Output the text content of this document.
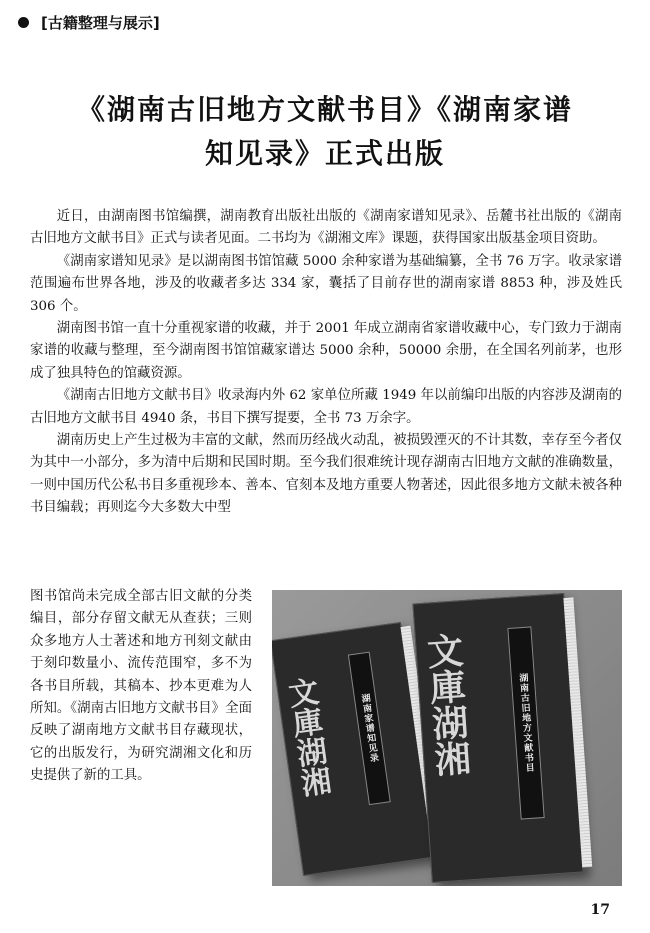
[古籍整理与展示]
《湖南古旧地方文献书目》《湖南家谱
知见录》正式出版

近日，由湖南图书馆编撰，湖南教育出版社出版的《湖南家谱知见录》、岳麓书社出版的《湖南古旧地方文献书目》正式与读者见面。二书均为《湖湘文库》课题，获得国家出版基金项目资助。

《湖南家谱知见录》是以湖南图书馆馆藏 5000 余种家谱为基础编纂，全书 76 万字。收录家谱范围遍布世界各地，涉及的收藏者多达 334 家，囊括了目前存世的湖南家谱 8853 种，涉及姓氏 306 个。

湖南图书馆一直十分重视家谱的收藏，并于 2001 年成立湖南省家谱收藏中心，专门致力于湖南家谱的收藏与整理，至今湖南图书馆馆藏家谱达 5000 余种，50000 余册，在全国名列前茅，也形成了独具特色的馆藏资源。

《湖南古旧地方文献书目》收录海内外 62 家单位所藏 1949 年以前编印出版的内容涉及湖南的古旧地方文献书目 4940 条，书目下撰写提要，全书 73 万余字。

湖南历史上产生过极为丰富的文献，然而历经战火动乱，被损毁湮灭的不计其数，幸存至今者仅为其中一小部分，多为清中后期和民国时期。至今我们很难统计现存湖南古旧地方文献的准确数量，一则中国历代公私书目多重视珍本、善本、官刻本及地方重要人物著述，因此很多地方文献未被各种书目编载；再则迄今大多数大中型

图书馆尚未完成全部古旧文献的分类编目，部分存留文献无从查获；三则众多地方人士著述和地方刊刻文献由于刻印数量小、流传范围窄，多不为各书目所载，其稿本、抄本更难为人所知。《湖南古旧地方文献书目》全面反映了湖南地方文献书目存藏现状，它的出版发行，为研究湖湘文化和历史提供了新的工具。	文庫湖湘	湖南家谱知见录	文庫湖湘	湖南古旧地方文献书目
17
